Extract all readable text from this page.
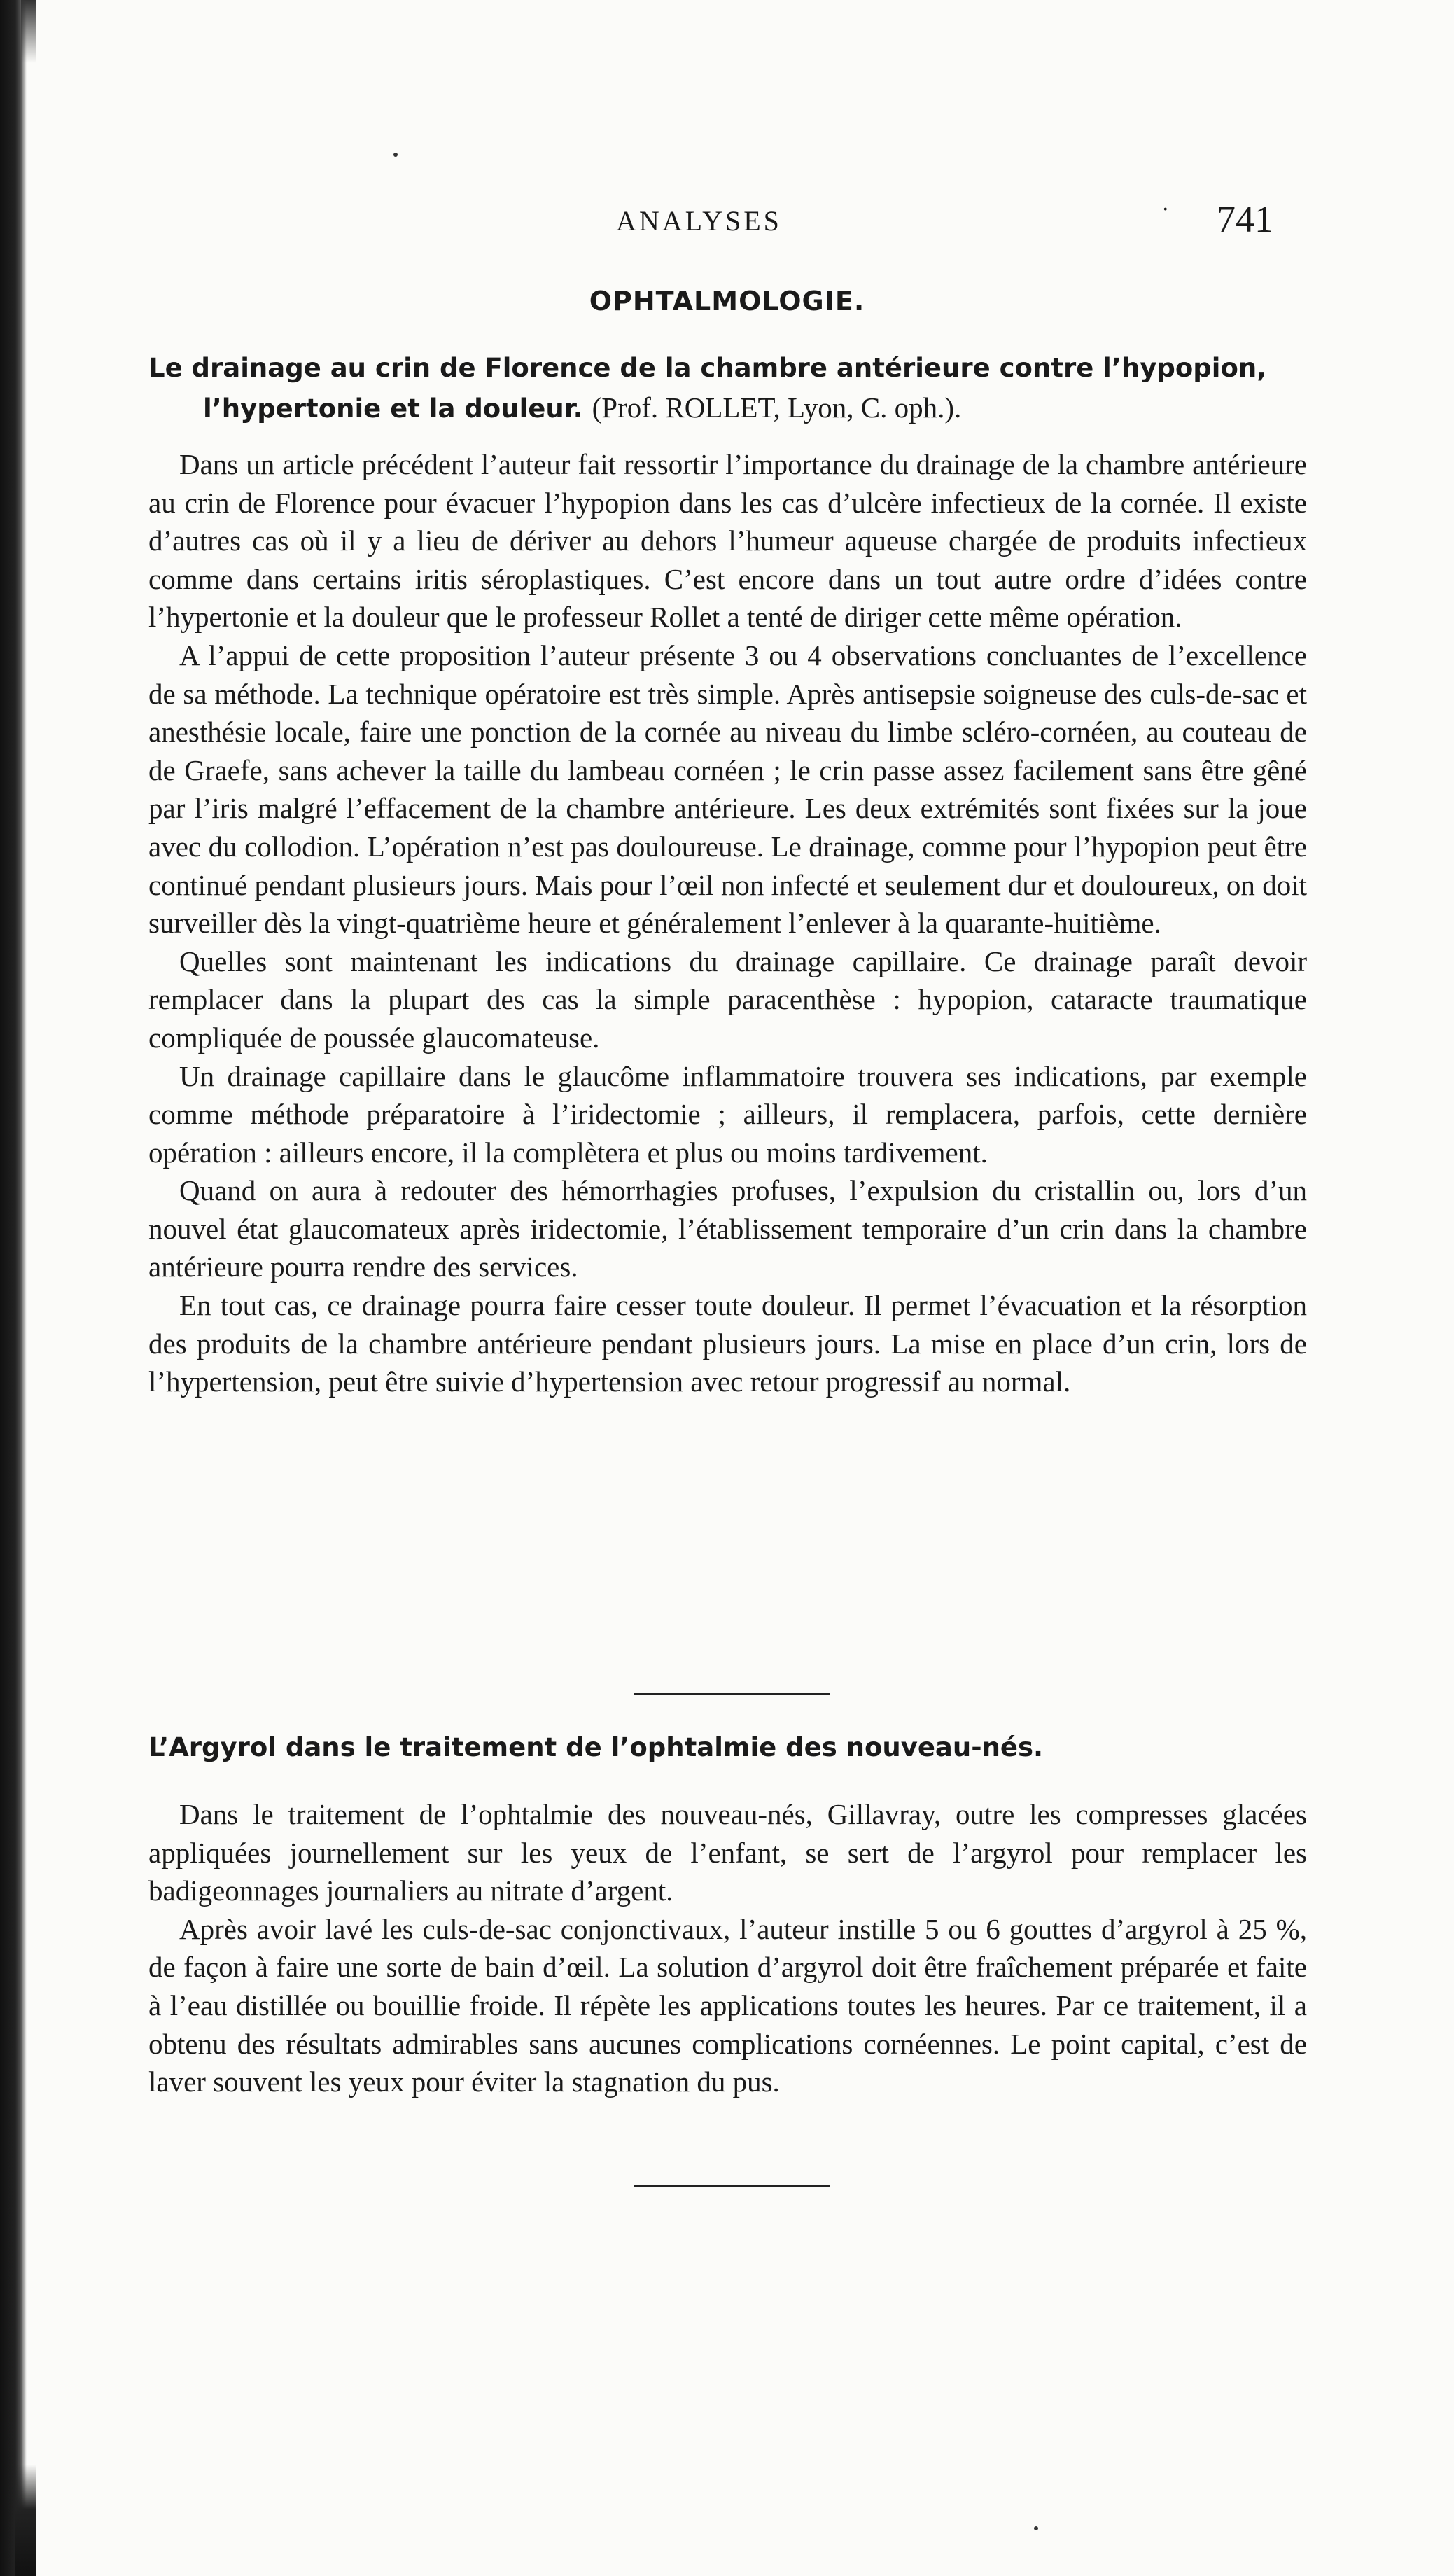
ANALYSES	· 741
OPHTALMOLOGIE.
Le drainage au crin de Florence de la chambre antérieure contre l’hypopion,
l’hypertonie et la douleur. (Prof. ROLLET, Lyon, C. oph.).

Dans un article précédent l’auteur fait ressortir l’importance du drainage de la chambre antérieure au crin de Florence pour évacuer l’hypopion dans les cas d’ulcère infectieux de la cornée. Il existe d’autres cas où il y a lieu de dériver au dehors l’humeur aqueuse chargée de produits infectieux comme dans certains iritis séroplastiques. C’est encore dans un tout autre ordre d’idées contre l’hypertonie et la douleur que le professeur Rollet a tenté de diriger cette même opération.

A l’appui de cette proposition l’auteur présente 3 ou 4 observations concluantes de l’excellence de sa méthode. La technique opératoire est très simple. Après antisepsie soigneuse des culs-de-sac et anesthésie locale, faire une ponction de la cornée au niveau du limbe scléro-cornéen, au couteau de de Graefe, sans achever la taille du lambeau cornéen ; le crin passe assez facilement sans être gêné par l’iris malgré l’effacement de la chambre antérieure. Les deux extrémités sont fixées sur la joue avec du collodion. L’opération n’est pas douloureuse. Le drainage, comme pour l’hypopion peut être continué pendant plusieurs jours. Mais pour l’œil non infecté et seulement dur et douloureux, on doit surveiller dès la vingt-quatrième heure et généralement l’enlever à la quarante-huitième.

Quelles sont maintenant les indications du drainage capillaire. Ce drainage paraît devoir remplacer dans la plupart des cas la simple paracenthèse : hypopion, cataracte traumatique compliquée de poussée glaucomateuse.

Un drainage capillaire dans le glaucôme inflammatoire trouvera ses indications, par exemple comme méthode préparatoire à l’iridectomie ; ailleurs, il remplacera, parfois, cette dernière opération : ailleurs encore, il la complètera et plus ou moins tardivement.

Quand on aura à redouter des hémorrhagies profuses, l’expulsion du cristallin ou, lors d’un nouvel état glaucomateux après iridectomie, l’établissement temporaire d’un crin dans la chambre antérieure pourra rendre des services.

En tout cas, ce drainage pourra faire cesser toute douleur. Il permet l’évacuation et la résorption des produits de la chambre antérieure pendant plusieurs jours. La mise en place d’un crin, lors de l’hypertension, peut être suivie d’hypertension avec retour progressif au normal.

L’Argyrol dans le traitement de l’ophtalmie des nouveau-nés.

Dans le traitement de l’ophtalmie des nouveau-nés, Gillavray, outre les compresses glacées appliquées journellement sur les yeux de l’enfant, se sert de l’argyrol pour remplacer les badigeonnages journaliers au nitrate d’argent.

Après avoir lavé les culs-de-sac conjonctivaux, l’auteur instille 5 ou 6 gouttes d’argyrol à 25 %, de façon à faire une sorte de bain d’œil. La solution d’argyrol doit être fraîchement préparée et faite à l’eau distillée ou bouillie froide. Il répète les applications toutes les heures. Par ce traitement, il a obtenu des résultats admirables sans aucunes complications cornéennes. Le point capital, c’est de laver souvent les yeux pour éviter la stagnation du pus.
